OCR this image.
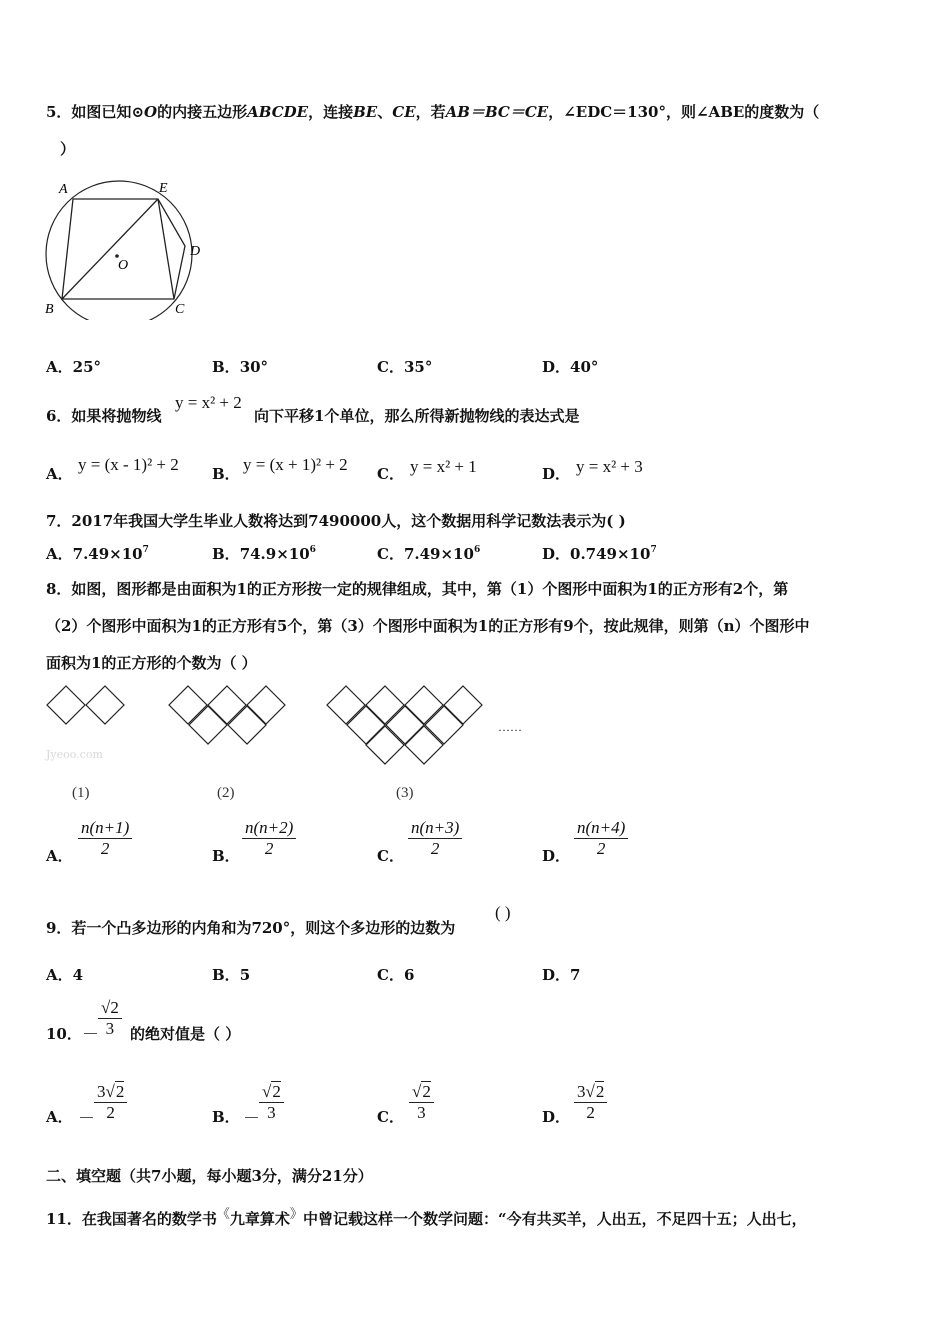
5．如图已知⊙O的内接五边形ABCDE，连接BE、CE，若AB＝BC＝CE，∠EDC＝130°，则∠ABE的度数为（
）
A	E
D
O
B	C
A．25°	B．30°	C．35°	D．40°
6．如果将抛物线
y = x² + 2
向下平移1个单位，那么所得新抛物线的表达式是
A． y = (x - 1)² + 2 B． y = (x + 1)² + 2 C． y = x² + 1	D． y = x² + 3
7．2017年我国大学生毕业人数将达到7490000人，这个数据用科学记数法表示为( )
A．$7.49\times 10^7$	B．$74.9\times 10^6$	C．$7.49\times 10^6$	D．$0.749\times 10^7$
8．如图，图形都是由面积为1的正方形按一定的规律组成，其中，第（1）个图形中面积为1的正方形有2个，第
（2）个图形中面积为1的正方形有5个，第（3）个图形中面积为1的正方形有9个，按此规律，则第（n）个图形中
面积为1的正方形的个数为（ ）
Jyeoo.com
……
(1)	(2)	(3)
A． $\frac{n(n+1)}{2}$	B． $\frac{n(n+2)}{2}$	C． $\frac{n(n+3)}{2}$	D． $\frac{n(n+4)}{2}$
9．若一个凸多边形的内角和为720°，则这个多边形的边数为
( )
A．4	B．5	C．6	D．7
10． － $\frac{√2}{3}$ 的绝对值是（ ）
A． － $\frac{3√2}{2}$	B． － $\frac{√2}{3}$	C． $\frac{√2}{3}$	D． $\frac{3√2}{2}$
二、填空题（共7小题，每小题3分，满分21分）
11．在我国著名的数学书《九章算术》中曾记载这样一个数学问题：“今有共买羊，人出五，不足四十五；人出七，
